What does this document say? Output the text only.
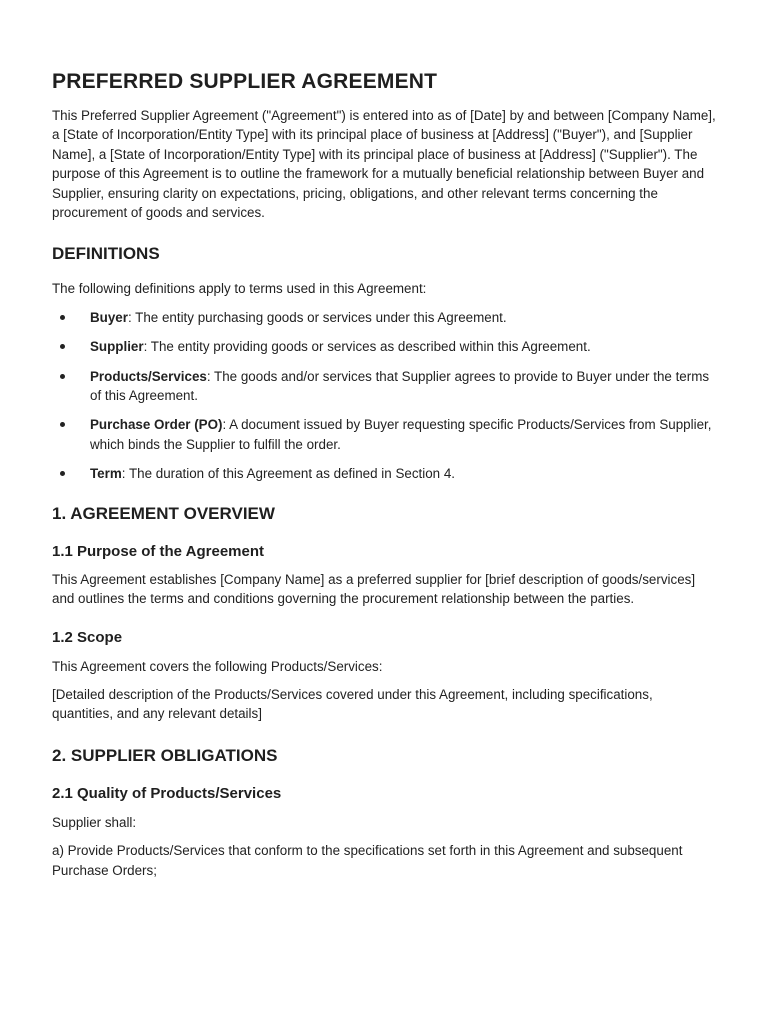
PREFERRED SUPPLIER AGREEMENT

This Preferred Supplier Agreement ("Agreement") is entered into as of [Date] by and between [Company Name], a [State of Incorporation/Entity Type] with its principal place of business at [Address] ("Buyer"), and [Supplier Name], a [State of Incorporation/Entity Type] with its principal place of business at [Address] ("Supplier"). The purpose of this Agreement is to outline the framework for a mutually beneficial relationship between Buyer and Supplier, ensuring clarity on expectations, pricing, obligations, and other relevant terms concerning the procurement of goods and services.

DEFINITIONS

The following definitions apply to terms used in this Agreement:

Buyer: The entity purchasing goods or services under this Agreement.
Supplier: The entity providing goods or services as described within this Agreement.
Products/Services: The goods and/or services that Supplier agrees to provide to Buyer under the terms of this Agreement.
Purchase Order (PO): A document issued by Buyer requesting specific Products/Services from Supplier, which binds the Supplier to fulfill the order.
Term: The duration of this Agreement as defined in Section 4.
1. AGREEMENT OVERVIEW
1.1 Purpose of the Agreement

This Agreement establishes [Company Name] as a preferred supplier for [brief description of goods/services] and outlines the terms and conditions governing the procurement relationship between the parties.

1.2 Scope

This Agreement covers the following Products/Services:

[Detailed description of the Products/Services covered under this Agreement, including specifications, quantities, and any relevant details]

2. SUPPLIER OBLIGATIONS
2.1 Quality of Products/Services

Supplier shall:

a) Provide Products/Services that conform to the specifications set forth in this Agreement and subsequent Purchase Orders;
